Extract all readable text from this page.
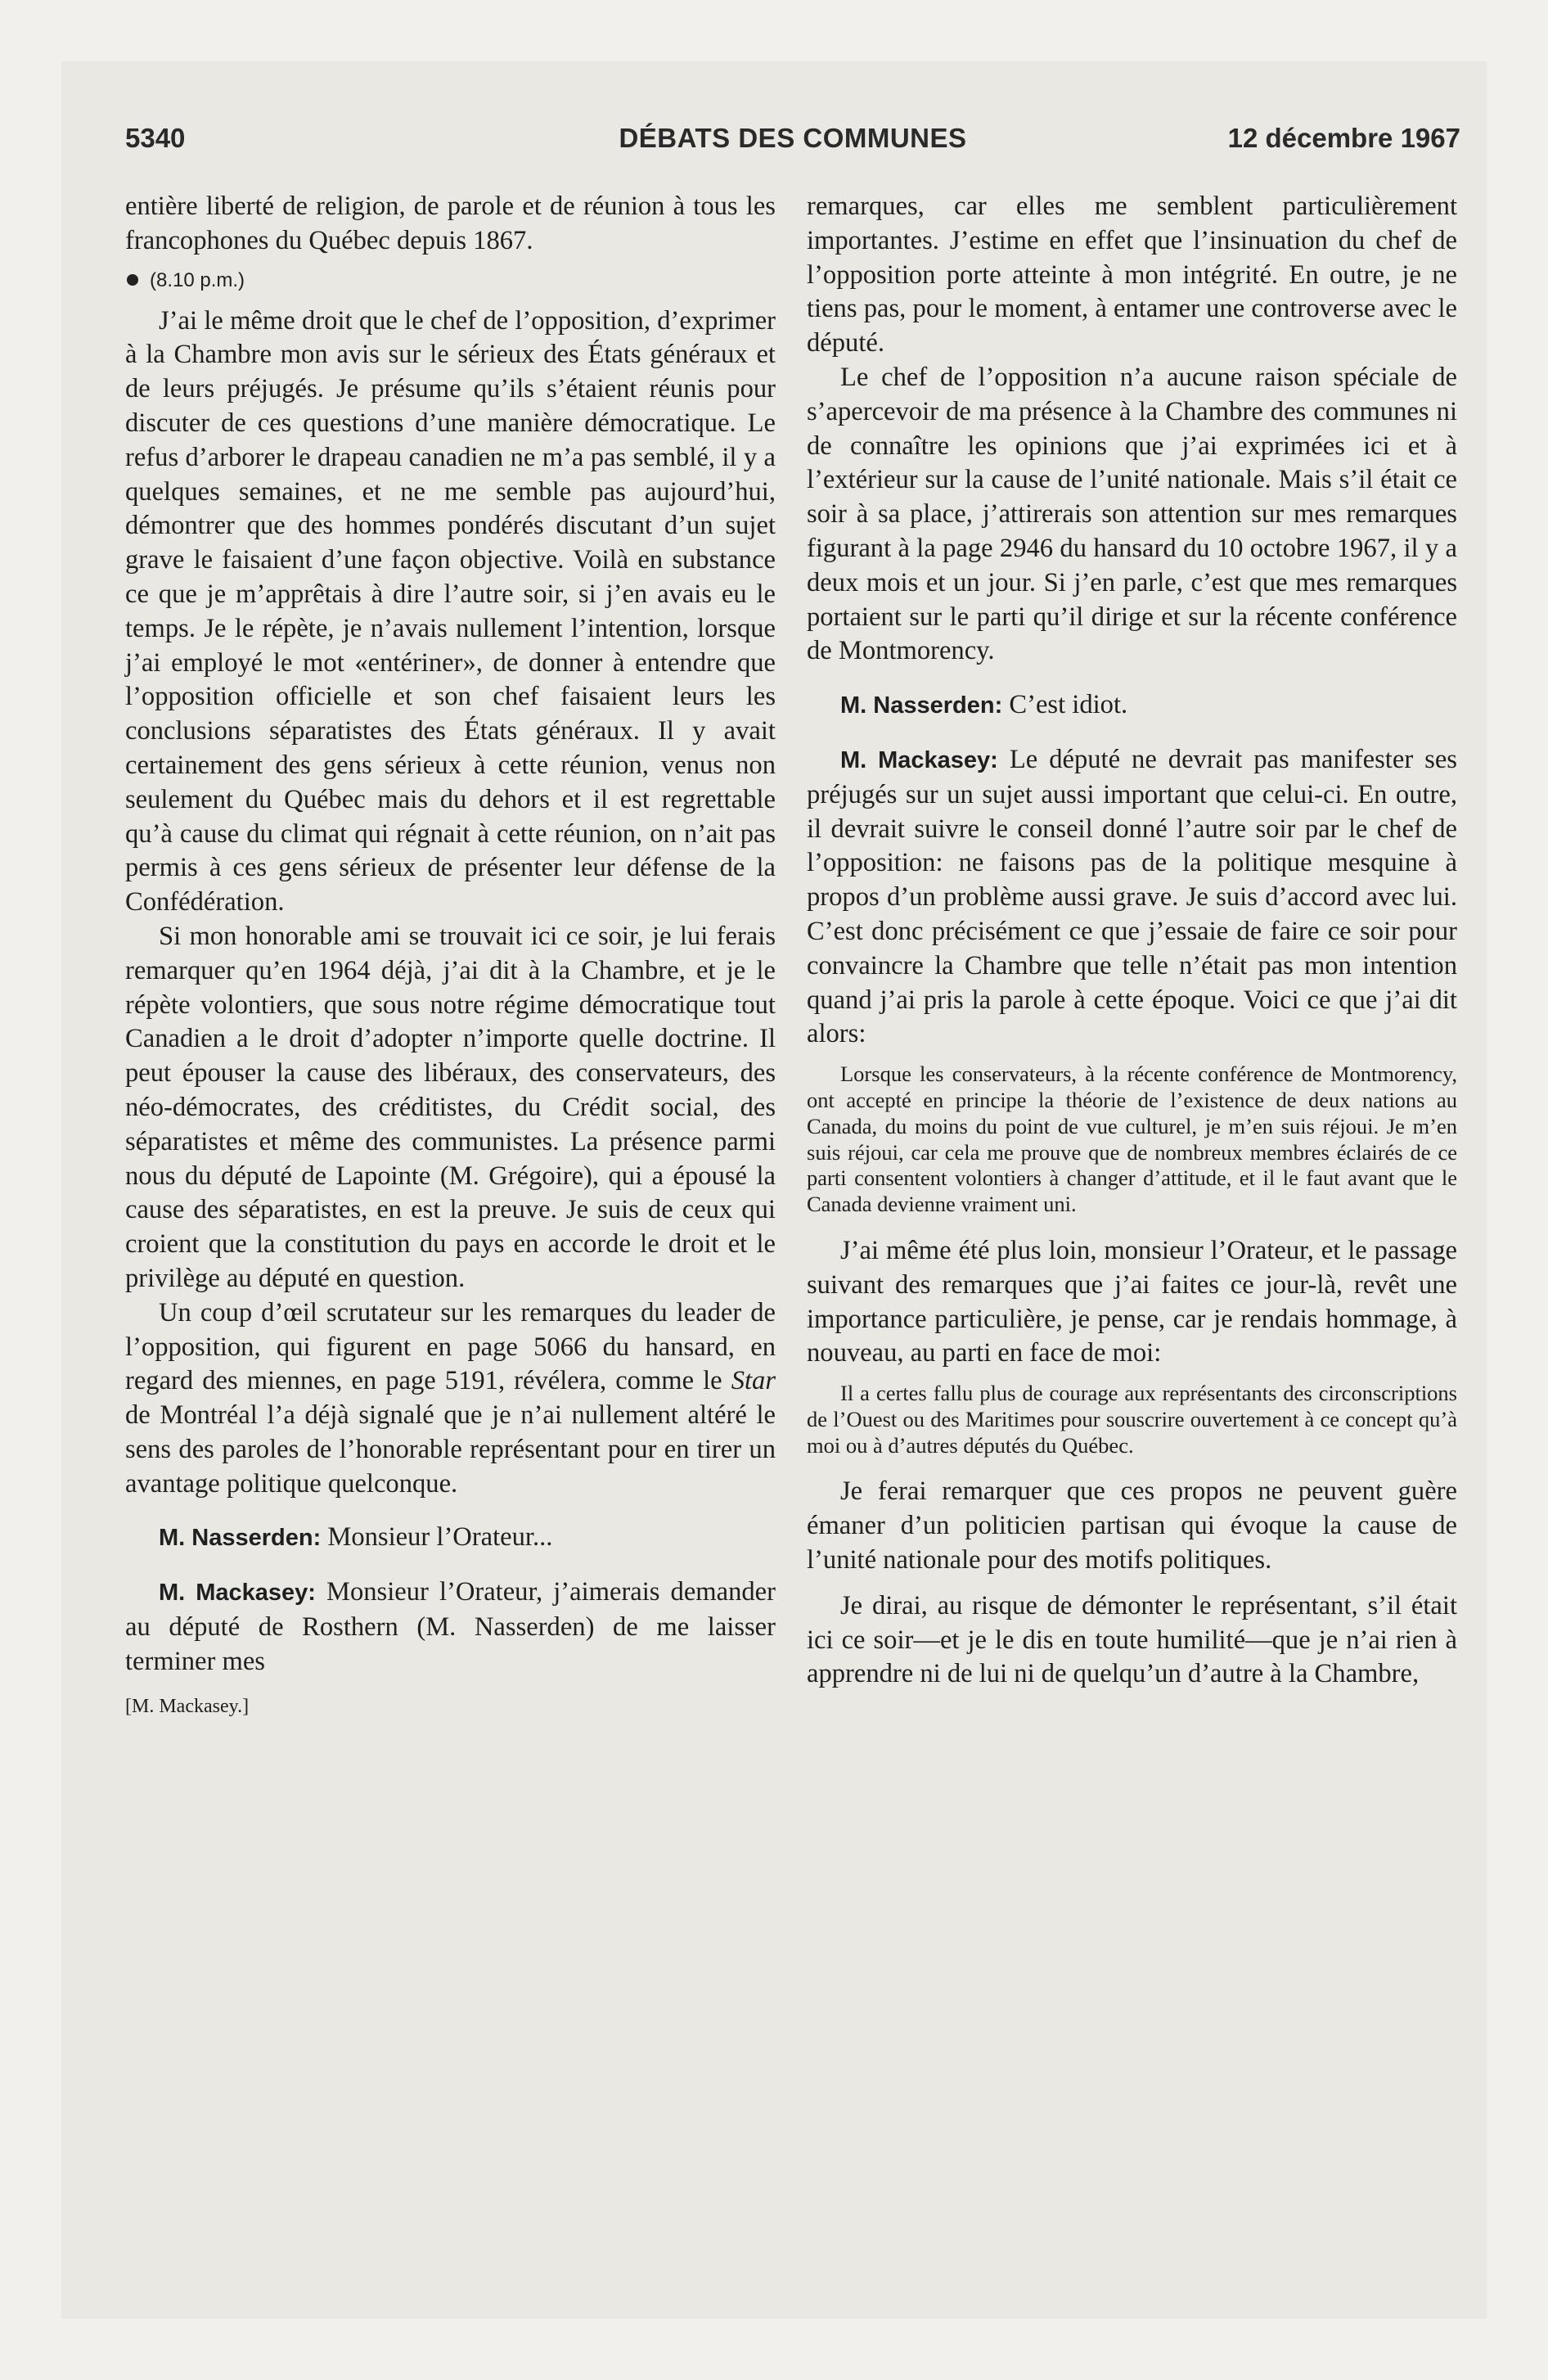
5340	DÉBATS DES COMMUNES	12 décembre 1967

entière liberté de religion, de parole et de réunion à tous les francophones du Québec depuis 1867.

(8.10 p.m.)

J’ai le même droit que le chef de l’opposition, d’exprimer à la Chambre mon avis sur le sérieux des États généraux et de leurs préjugés. Je présume qu’ils s’étaient réunis pour discuter de ces questions d’une manière démocratique. Le refus d’arborer le drapeau canadien ne m’a pas semblé, il y a quelques semaines, et ne me semble pas aujourd’hui, démontrer que des hommes pondérés discutant d’un sujet grave le faisaient d’une façon objective. Voilà en substance ce que je m’apprêtais à dire l’autre soir, si j’en avais eu le temps. Je le répète, je n’avais nullement l’intention, lorsque j’ai employé le mot «entériner», de donner à entendre que l’opposition officielle et son chef faisaient leurs les conclusions séparatistes des États généraux. Il y avait certainement des gens sérieux à cette réunion, venus non seulement du Québec mais du dehors et il est regrettable qu’à cause du climat qui régnait à cette réunion, on n’ait pas permis à ces gens sérieux de présenter leur défense de la Confédération.

Si mon honorable ami se trouvait ici ce soir, je lui ferais remarquer qu’en 1964 déjà, j’ai dit à la Chambre, et je le répète volontiers, que sous notre régime démocratique tout Canadien a le droit d’adopter n’importe quelle doctrine. Il peut épouser la cause des libéraux, des conservateurs, des néo-démocrates, des créditistes, du Crédit social, des séparatistes et même des communistes. La présence parmi nous du député de Lapointe (M. Grégoire), qui a épousé la cause des séparatistes, en est la preuve. Je suis de ceux qui croient que la constitution du pays en accorde le droit et le privilège au député en question.

Un coup d’œil scrutateur sur les remarques du leader de l’opposition, qui figurent en page 5066 du hansard, en regard des miennes, en page 5191, révélera, comme le Star de Montréal l’a déjà signalé que je n’ai nullement altéré le sens des paroles de l’honorable représentant pour en tirer un avantage politique quelconque.

M. Nasserden: Monsieur l’Orateur...

M. Mackasey: Monsieur l’Orateur, j’aimerais demander au député de Rosthern (M. Nasserden) de me laisser terminer mes

[M. Mackasey.]

remarques, car elles me semblent particulièrement importantes. J’estime en effet que l’insinuation du chef de l’opposition porte atteinte à mon intégrité. En outre, je ne tiens pas, pour le moment, à entamer une controverse avec le député.

Le chef de l’opposition n’a aucune raison spéciale de s’apercevoir de ma présence à la Chambre des communes ni de connaître les opinions que j’ai exprimées ici et à l’extérieur sur la cause de l’unité nationale. Mais s’il était ce soir à sa place, j’attirerais son attention sur mes remarques figurant à la page 2946 du hansard du 10 octobre 1967, il y a deux mois et un jour. Si j’en parle, c’est que mes remarques portaient sur le parti qu’il dirige et sur la récente conférence de Montmorency.

M. Nasserden: C’est idiot.

M. Mackasey: Le député ne devrait pas manifester ses préjugés sur un sujet aussi important que celui-ci. En outre, il devrait suivre le conseil donné l’autre soir par le chef de l’opposition: ne faisons pas de la politique mesquine à propos d’un problème aussi grave. Je suis d’accord avec lui. C’est donc précisément ce que j’essaie de faire ce soir pour convaincre la Chambre que telle n’était pas mon intention quand j’ai pris la parole à cette époque. Voici ce que j’ai dit alors:

Lorsque les conservateurs, à la récente conférence de Montmorency, ont accepté en principe la théorie de l’existence de deux nations au Canada, du moins du point de vue culturel, je m’en suis réjoui. Je m’en suis réjoui, car cela me prouve que de nombreux membres éclairés de ce parti consentent volontiers à changer d’attitude, et il le faut avant que le Canada devienne vraiment uni.

J’ai même été plus loin, monsieur l’Orateur, et le passage suivant des remarques que j’ai faites ce jour-là, revêt une importance particulière, je pense, car je rendais hommage, à nouveau, au parti en face de moi:

Il a certes fallu plus de courage aux représentants des circonscriptions de l’Ouest ou des Maritimes pour souscrire ouvertement à ce concept qu’à moi ou à d’autres députés du Québec.

Je ferai remarquer que ces propos ne peuvent guère émaner d’un politicien partisan qui évoque la cause de l’unité nationale pour des motifs politiques.

Je dirai, au risque de démonter le représentant, s’il était ici ce soir—et je le dis en toute humilité—que je n’ai rien à apprendre ni de lui ni de quelqu’un d’autre à la Chambre,
